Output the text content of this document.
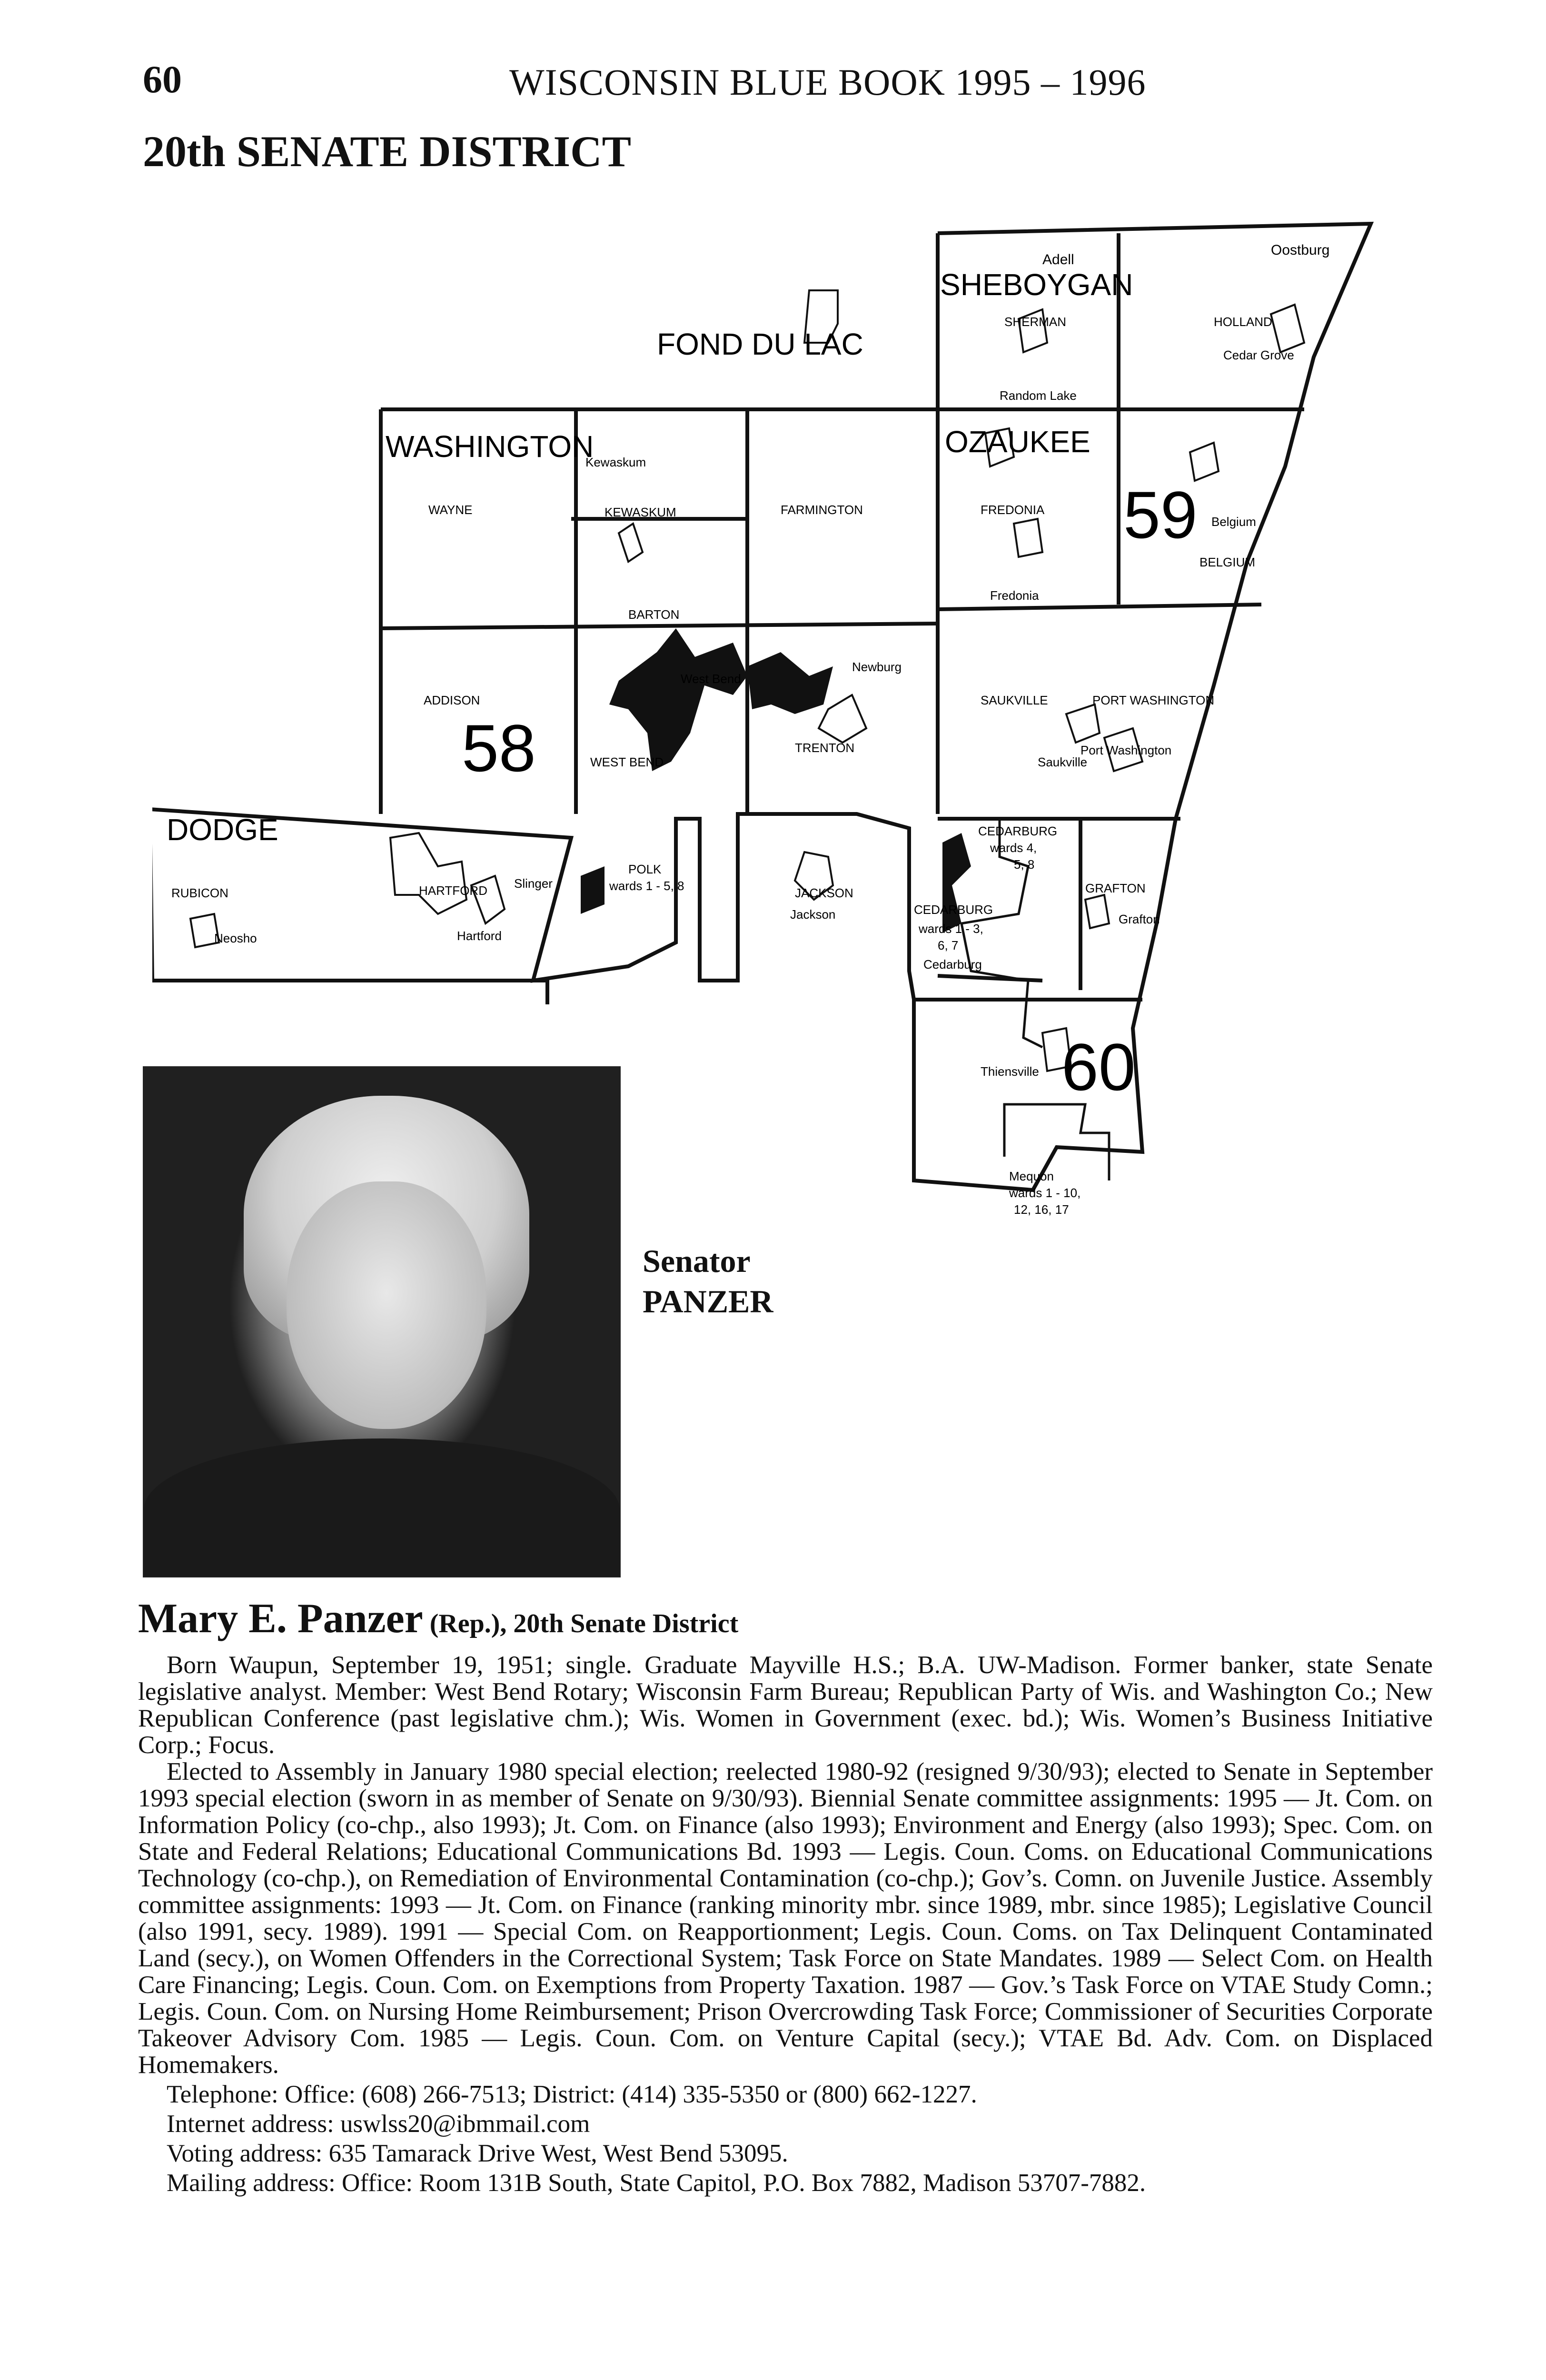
60	WISCONSIN BLUE BOOK 1995 – 1996
20th SENATE DISTRICT
Adell
Oostburg
SHEBOYGAN
SHERMAN	HOLLAND
Cedar Grove
FOND DU LAC
Random Lake
WASHINGTON
Kewaskum
OZAUKEE
WAYNE	KEWASKUM	FARMINGTON	FREDONIA 59 Belgium
BELGIUM
Fredonia
BARTON
West Bend
Newburg
ADDISON	SAUKVILLE	PORT WASHINGTON
58	WEST BEND
TRENTON	Port Washington
Saukville
DODGE	CEDARBURG
wards 4,
5, 8
RUBICON	HARTFORD Slinger
POLK
wards 1 - 5, 8	JACKSON	GRAFTON
Jackson	CEDARBURG
Grafton
Neosho	Hartford	wards 1 - 3,
6, 7
Cedarburg
60
Thiensville
Mequon
wards 1 - 10,
12, 16, 17
Senator
PANZER
Mary E. Panzer (Rep.), 20th Senate District

Born Waupun, September 19, 1951; single. Graduate Mayville H.S.; B.A. UW-Madison. Former banker, state Senate legislative analyst. Member: West Bend Rotary; Wisconsin Farm Bureau; Republican Party of Wis. and Washington Co.; New Republican Conference (past legislative chm.); Wis. Women in Government (exec. bd.); Wis. Women’s Business Initiative Corp.; Focus.

Elected to Assembly in January 1980 special election; reelected 1980-92 (resigned 9/30/93); elected to Senate in September 1993 special election (sworn in as member of Senate on 9/30/93). Biennial Senate committee assignments: 1995 — Jt. Com. on Information Policy (co-chp., also 1993); Jt. Com. on Finance (also 1993); Environment and Energy (also 1993); Spec. Com. on State and Federal Relations; Educational Communications Bd. 1993 — Legis. Coun. Coms. on Educational Communications Technology (co-chp.), on Remediation of Environmental Contamination (co-chp.); Gov’s. Comn. on Juvenile Justice. Assembly committee assignments: 1993 — Jt. Com. on Finance (ranking minority mbr. since 1989, mbr. since 1985); Legislative Council (also 1991, secy. 1989). 1991 — Special Com. on Reapportionment; Legis. Coun. Coms. on Tax Delinquent Contaminated Land (secy.), on Women Offenders in the Correctional System; Task Force on State Mandates. 1989 — Select Com. on Health Care Financing; Legis. Coun. Com. on Exemptions from Property Taxation. 1987 — Gov.’s Task Force on VTAE Study Comn.; Legis. Coun. Com. on Nursing Home Reimbursement; Prison Overcrowding Task Force; Commissioner of Securities Corporate Takeover Advisory Com. 1985 — Legis. Coun. Com. on Venture Capital (secy.); VTAE Bd. Adv. Com. on Displaced Homemakers.

Telephone: Office: (608) 266-7513; District: (414) 335-5350 or (800) 662-1227.

Internet address: uswlss20@ibmmail.com

Voting address: 635 Tamarack Drive West, West Bend 53095.

Mailing address: Office: Room 131B South, State Capitol, P.O. Box 7882, Madison 53707-7882.
